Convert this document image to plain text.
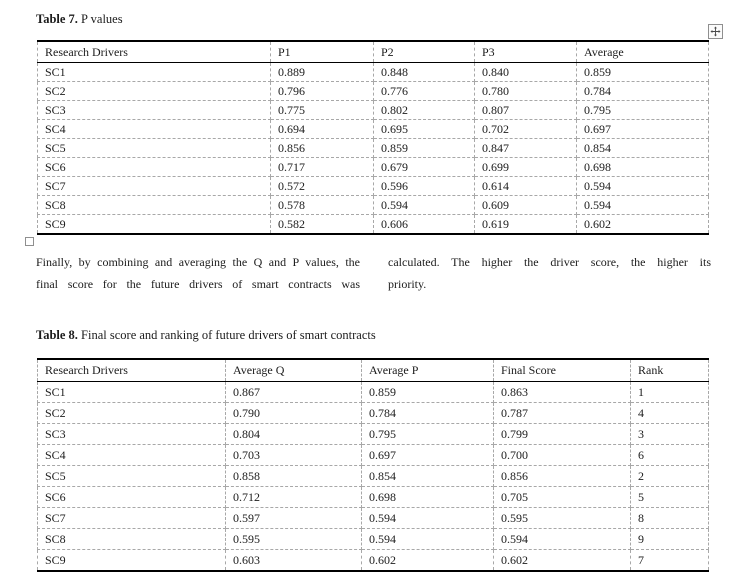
Table 7. P values
Research Drivers	P1	P2	P3	Average
SC1	0.889	0.848	0.840	0.859
SC2	0.796	0.776	0.780	0.784
SC3	0.775	0.802	0.807	0.795
SC4	0.694	0.695	0.702	0.697
SC5	0.856	0.859	0.847	0.854
SC6	0.717	0.679	0.699	0.698
SC7	0.572	0.596	0.614	0.594
SC8	0.578	0.594	0.609	0.594
SC9	0.582	0.606	0.619	0.602
Finally, by combining and averaging the Q and P values, the
final score for the future drivers of smart contracts was
calculated. The higher the driver score, the higher its
priority.
Table 8. Final score and ranking of future drivers of smart contracts
Research Drivers	Average Q	Average P	Final Score	Rank
SC1	0.867	0.859	0.863	1
SC2	0.790	0.784	0.787	4
SC3	0.804	0.795	0.799	3
SC4	0.703	0.697	0.700	6
SC5	0.858	0.854	0.856	2
SC6	0.712	0.698	0.705	5
SC7	0.597	0.594	0.595	8
SC8	0.595	0.594	0.594	9
SC9	0.603	0.602	0.602	7
